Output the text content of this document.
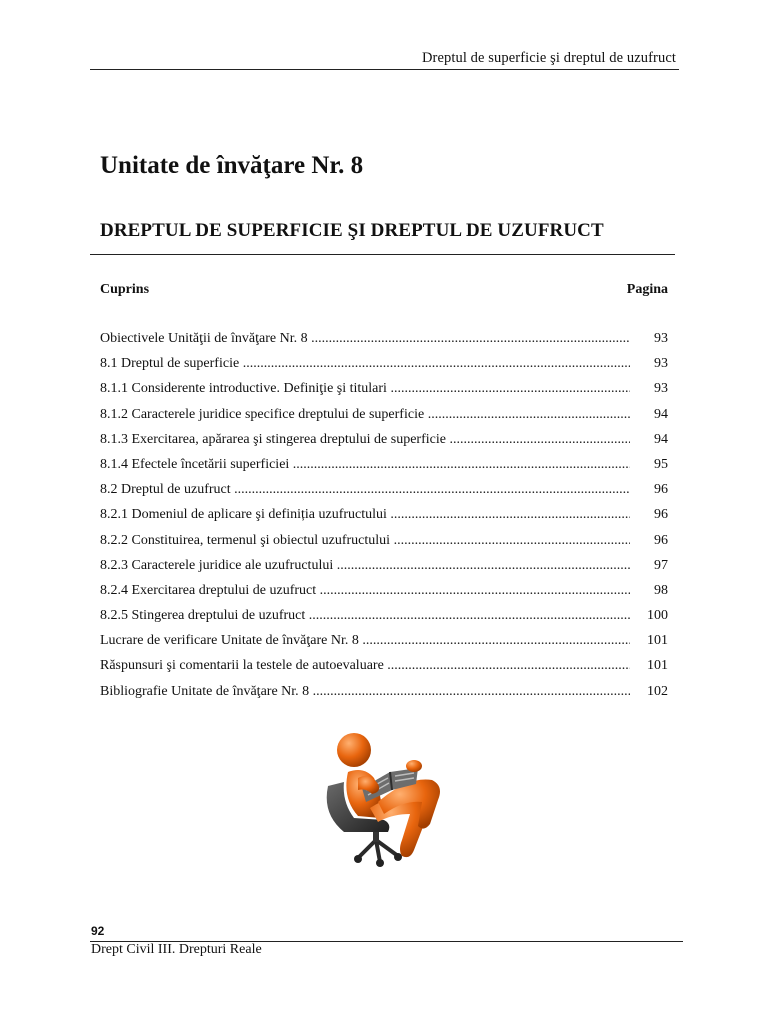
Dreptul de superficie şi dreptul de uzufruct
Unitate de învăţare Nr. 8
DREPTUL DE SUPERFICIE ŞI DREPTUL DE UZUFRUCT
Cuprins	Pagina
Obiectivele Unităţii de învăţare Nr. 8 .....	93
8.1 Dreptul de superficie .....	93
8.1.1 Considerente introductive. Definiţie şi titulari .....	93
8.1.2 Caracterele juridice specifice dreptului de superficie .....	94
8.1.3 Exercitarea, apărarea şi stingerea dreptului de superficie .....	94
8.1.4 Efectele încetării superficiei .....	95
8.2 Dreptul de uzufruct .....	96
8.2.1 Domeniul de aplicare şi definiția uzufructului .....	96
8.2.2 Constituirea, termenul şi obiectul uzufructului .....	96
8.2.3 Caracterele juridice ale uzufructului .....	97
8.2.4 Exercitarea dreptului de uzufruct .....	98
8.2.5 Stingerea dreptului de uzufruct .....	100
Lucrare de verificare Unitate de învăţare Nr. 8 .....	101
Răspunsuri şi comentarii la testele de autoevaluare .....	101
Bibliografie Unitate de învăţare Nr. 8 .....	102
92
Drept Civil III. Drepturi Reale
